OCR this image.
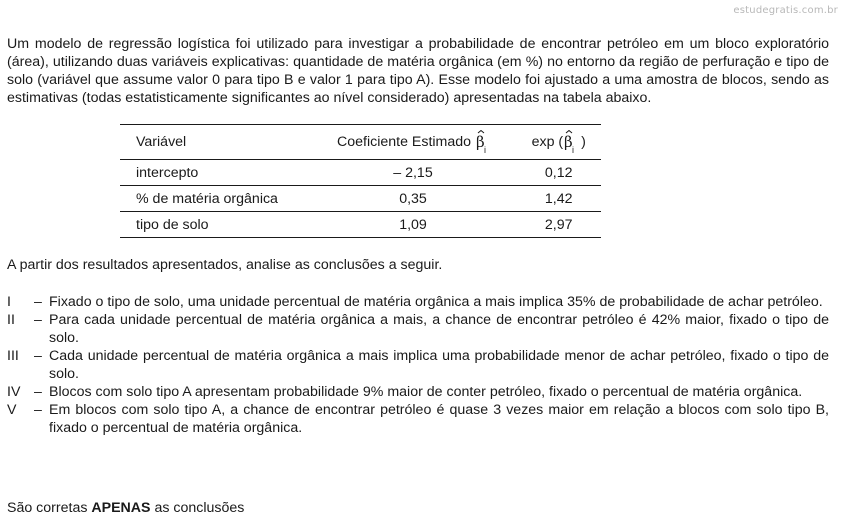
estudegratis.com.br

Um modelo de regressão logística foi utilizado para investigar a probabilidade de encontrar petróleo em um bloco exploratório (área), utilizando duas variáveis explicativas: quantidade de matéria orgânica (em %) no entorno da região de perfuração e tipo de solo (variável que assume valor 0 para tipo B e valor 1 para tipo A). Esse modelo foi ajustado a uma amostra de blocos, sendo as estimativas (todas estatisticamente significantes ao nível considerado) apresentadas na tabela abaixo.

Variável	Coeficiente Estimado β i	exp ( β i )
intercepto	– 2,15	0,12
% de matéria orgânica	0,35	1,42
tipo de solo	1,09	2,97

A partir dos resultados apresentados, analise as conclusões a seguir.

I – Fixado o tipo de solo, uma unidade percentual de matéria orgânica a mais implica 35% de probabilidade de achar petróleo.
II – Para cada unidade percentual de matéria orgânica a mais, a chance de encontrar petróleo é 42% maior, fixado o tipo de solo.
III – Cada unidade percentual de matéria orgânica a mais implica uma probabilidade menor de achar petróleo, fixado o tipo de solo.
IV – Blocos com solo tipo A apresentam probabilidade 9% maior de conter petróleo, fixado o percentual de matéria orgânica.
V – Em blocos com solo tipo A, a chance de encontrar petróleo é quase 3 vezes maior em relação a blocos com solo tipo B, fixado o percentual de matéria orgânica.

São corretas APENAS as conclusões
